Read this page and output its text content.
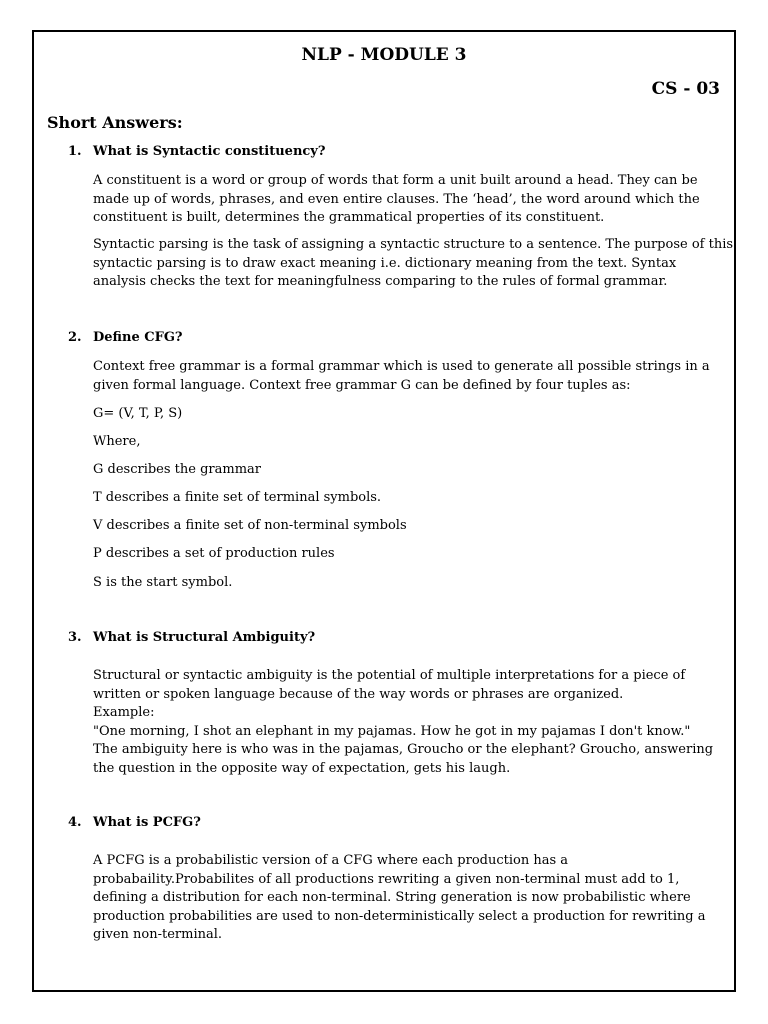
NLP - MODULE 3
CS - 03
Short Answers:
1. What is Syntactic constituency?
A constituent is a word or group of words that form a unit built around a head. They can be
made up of words, phrases, and even entire clauses. The ‘head’, the word around which the
constituent is built, determines the grammatical properties of its constituent.
Syntactic parsing is the task of assigning a syntactic structure to a sentence. The purpose of this
syntactic parsing is to draw exact meaning i.e. dictionary meaning from the text. Syntax
analysis checks the text for meaningfulness comparing to the rules of formal grammar.
2. Define CFG?
Context free grammar is a formal grammar which is used to generate all possible strings in a
given formal language. Context free grammar G can be defined by four tuples as:
G= (V, T, P, S)
Where,
G describes the grammar
T describes a finite set of terminal symbols.
V describes a finite set of non-terminal symbols
P describes a set of production rules
S is the start symbol.
3. What is Structural Ambiguity?
Structural or syntactic ambiguity is the potential of multiple interpretations for a piece of
written or spoken language because of the way words or phrases are organized.
Example:
"One morning, I shot an elephant in my pajamas. How he got in my pajamas I don't know."
The ambiguity here is who was in the pajamas, Groucho or the elephant? Groucho, answering
the question in the opposite way of expectation, gets his laugh.
4. What is PCFG?
A PCFG is a probabilistic version of a CFG where each production has a
probabaility.Probabilites of all productions rewriting a given non-terminal must add to 1,
defining a distribution for each non-terminal. String generation is now probabilistic where
production probabilities are used to non-deterministically select a production for rewriting a
given non-terminal.
